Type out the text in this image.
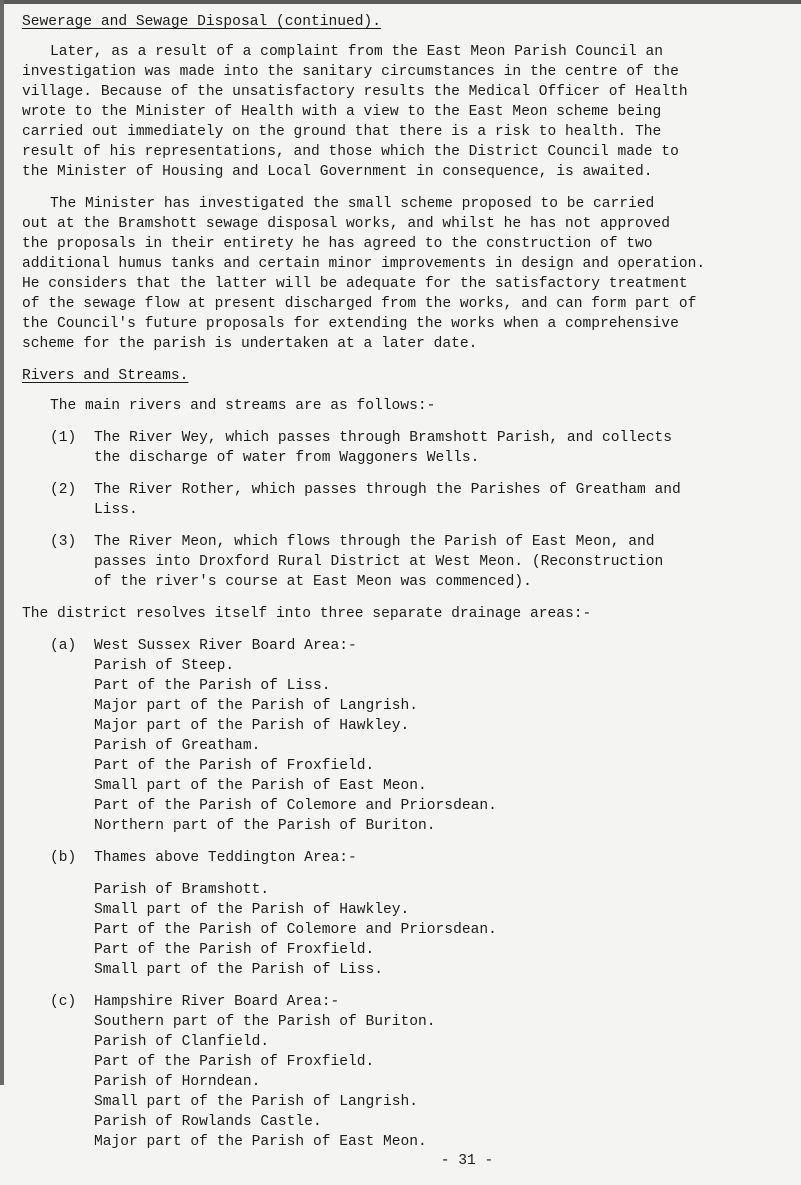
Sewerage and Sewage Disposal (continued).

Later, as a result of a complaint from the East Meon Parish Council an

investigation was made into the sanitary circumstances in the centre of the

village. Because of the unsatisfactory results the Medical Officer of Health

wrote to the Minister of Health with a view to the East Meon scheme being

carried out immediately on the ground that there is a risk to health. The

result of his representations, and those which the District Council made to

the Minister of Housing and Local Government in consequence, is awaited.

The Minister has investigated the small scheme proposed to be carried

out at the Bramshott sewage disposal works, and whilst he has not approved

the proposals in their entirety he has agreed to the construction of two

additional humus tanks and certain minor improvements in design and operation.

He considers that the latter will be adequate for the satisfactory treatment

of the sewage flow at present discharged from the works, and can form part of

the Council's future proposals for extending the works when a comprehensive

scheme for the parish is undertaken at a later date.

Rivers and Streams.

The main rivers and streams are as follows:-

(1)	The River Wey, which passes through Bramshott Parish, and collects

the discharge of water from Waggoners Wells.

(2)	The River Rother, which passes through the Parishes of Greatham and

Liss.

(3)	The River Meon, which flows through the Parish of East Meon, and

passes into Droxford Rural District at West Meon. (Reconstruction

of the river's course at East Meon was commenced).

The district resolves itself into three separate drainage areas:-

(a)	West Sussex River Board Area:-

Parish of Steep.

Part of the Parish of Liss.

Major part of the Parish of Langrish.

Major part of the Parish of Hawkley.

Parish of Greatham.

Part of the Parish of Froxfield.

Small part of the Parish of East Meon.

Part of the Parish of Colemore and Priorsdean.

Northern part of the Parish of Buriton.

(b)	Thames above Teddington Area:-

Parish of Bramshott.

Small part of the Parish of Hawkley.

Part of the Parish of Colemore and Priorsdean.

Part of the Parish of Froxfield.

Small part of the Parish of Liss.

(c)	Hampshire River Board Area:-

Southern part of the Parish of Buriton.

Parish of Clanfield.

Part of the Parish of Froxfield.

Parish of Horndean.

Small part of the Parish of Langrish.

Parish of Rowlands Castle.

Major part of the Parish of East Meon.

- 31 -
